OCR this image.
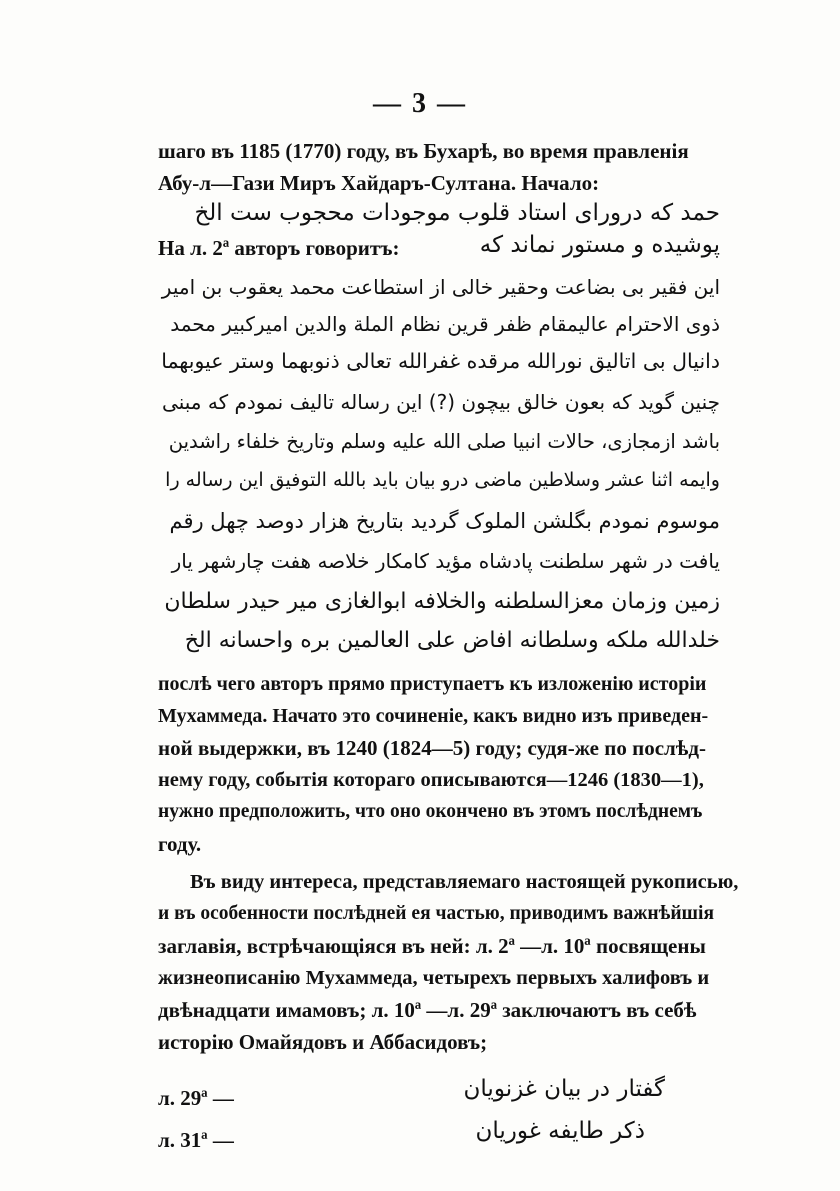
— 3 —
шаго въ 1185 (1770) году, въ Бухарѣ, во время правленія
Абу-л—Гази Миръ Хайдаръ-Султана. Начало:
حمد كه درورای استاد قلوب موجودات محجوب ست الخ
На л. 2ª авторъ говоритъ:	پوشیده و مستور نماند که
این فقیر بی بضاعت وحقیر خالی از استطاعت محمد یعقوب بن امیر
ذوی الاحترام عالیمقام ظفر قرین نظام الملة والدین امیرکبیر محمد
دانیال بی اتالیق نورالله مرقده غفرالله تعالی ذنوبهما وستر عیوبهما
چنین گوید که بعون خالق بیچون (?) این رساله تالیف نمودم که مبنی
باشد ازمجازی، حالات انبیا صلی الله علیه وسلم وتاریخ خلفاء راشدین
وایمه اثنا عشر وسلاطین ماضی درو بیان باید بالله التوفیق این رساله را
موسوم نمودم بگلشن الملوک گردید بتاریخ هزار دوصد چهل رقم
یافت در شهر سلطنت پادشاه مؤید کامکار خلاصه هفت چارشهر یار
زمین وزمان معزالسلطنه والخلافه ابوالغازی میر حیدر سلطان
خلدالله ملکه وسلطانه افاض علی العالمین بره واحسانه الخ
послѣ чего авторъ прямо приступаетъ къ изложенію исторіи
Мухаммеда. Начато это сочиненіе, какъ видно изъ приведен-
ной выдержки, въ 1240 (1824—5) году; судя-же по послѣд-
нему году, событія котораго описываются—1246 (1830—1),
нужно предположить, что оно окончено въ этомъ послѣднемъ
году.
Въ виду интереса, представляемаго настоящей рукописью,
и въ особенности послѣдней ея частью, приводимъ важнѣйшія
заглавія, встрѣчающіяся въ ней: л. 2ª —л. 10ª посвящены
жизнеописанію Мухаммеда, четырехъ первыхъ халифовъ и
двѣнадцати имамовъ; л. 10ª —л. 29ª заключаютъ въ себѣ
исторію Омайядовъ и Аббасидовъ;
л. 29ª —	گفتار در بیان غزنویان
л. 31ª —	ذکر طایفه غوریان
